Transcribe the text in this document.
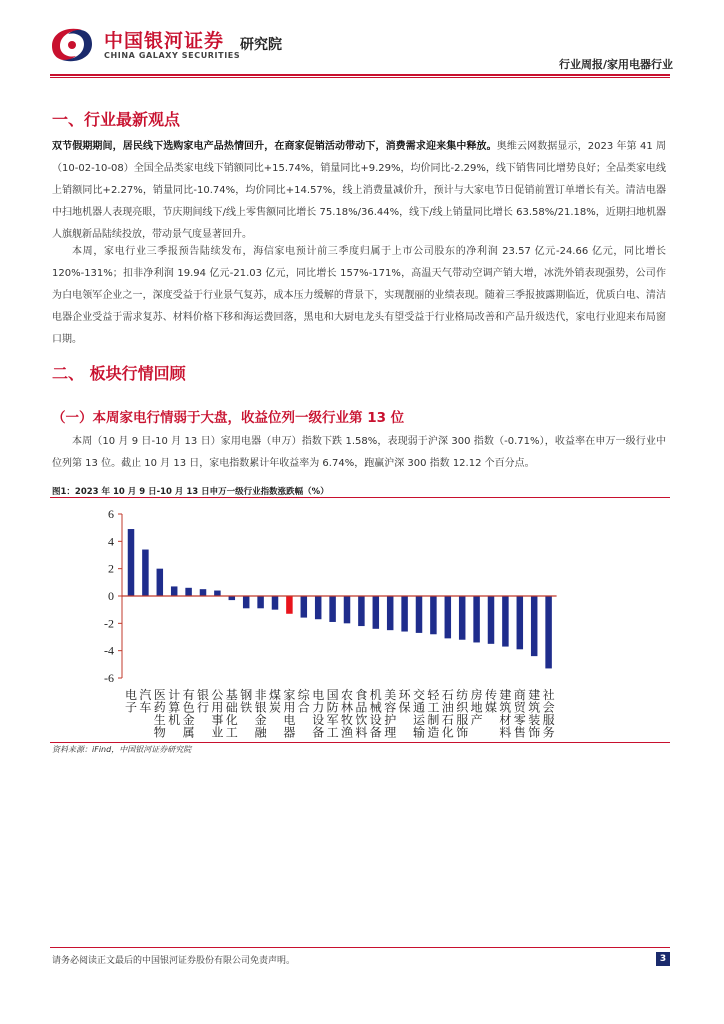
中国银河证券 研究院
CHINA GALAXY SECURITIES
行业周报/家用电器行业
一、行业最新观点

双节假期期间，居民线下选购家电产品热情回升，在商家促销活动带动下，消费需求迎来集中释放。奥维云网数据显示，2023 年第 41 周（10-02-10-08）全国全品类家电线下销额同比+15.74%，销量同比+9.29%，均价同比-2.29%，线下销售同比增势良好；全品类家电线上销额同比+2.27%，销量同比-10.74%，均价同比+14.57%，线上消费量减价升，预计与大家电节日促销前置订单增长有关。清洁电器中扫地机器人表现亮眼，节庆期间线下/线上零售额同比增长 75.18%/36.44%，线下/线上销量同比增长 63.58%/21.18%，近期扫地机器人旗舰新品陆续投放，带动景气度显著回升。

本周，家电行业三季报预告陆续发布，海信家电预计前三季度归属于上市公司股东的净利润 23.57 亿元-24.66 亿元，同比增长 120%-131%；扣非净利润 19.94 亿元-21.03 亿元，同比增长 157%-171%，高温天气带动空调产销大增，冰洗外销表现强势，公司作为白电领军企业之一，深度受益于行业景气复苏，成本压力缓解的背景下，实现靓丽的业绩表现。随着三季报披露期临近，优质白电、清洁电器企业受益于需求复苏、材料价格下移和海运费回落，黑电和大厨电龙头有望受益于行业格局改善和产品升级迭代，家电行业迎来布局窗口期。

二、 板块行情回顾
（一）本周家电行情弱于大盘，收益位列一级行业第 13 位

本周（10 月 9 日-10 月 13 日）家用电器（申万）指数下跌 1.58%，表现弱于沪深 300 指数（-0.71%），收益率在申万一级行业中位列第 13 位。截止 10 月 13 日，家电指数累计年收益率为 6.74%，跑赢沪深 300 指数 12.12 个百分点。

图1：2023 年 10 月 9 日-10 月 13 日申万一级行业指数涨跌幅（%）
6
4
2
0
-2
-4
-6
电子
汽车
医药生物
计算机
有色金属
银行
公用事业
基础化工
钢铁
非银金融
煤炭
家用电器
综合
电力设备
国防军工
农林牧渔
食品饮料
机械设备
美容护理
环保
交通运输
轻工制造
石油石化
纺织服饰
房地产
传媒
建筑材料
商贸零售
建筑装饰
社会服务
资料来源：iFind，中国银河证券研究院
请务必阅读正文最后的中国银河证券股份有限公司免责声明。	3
